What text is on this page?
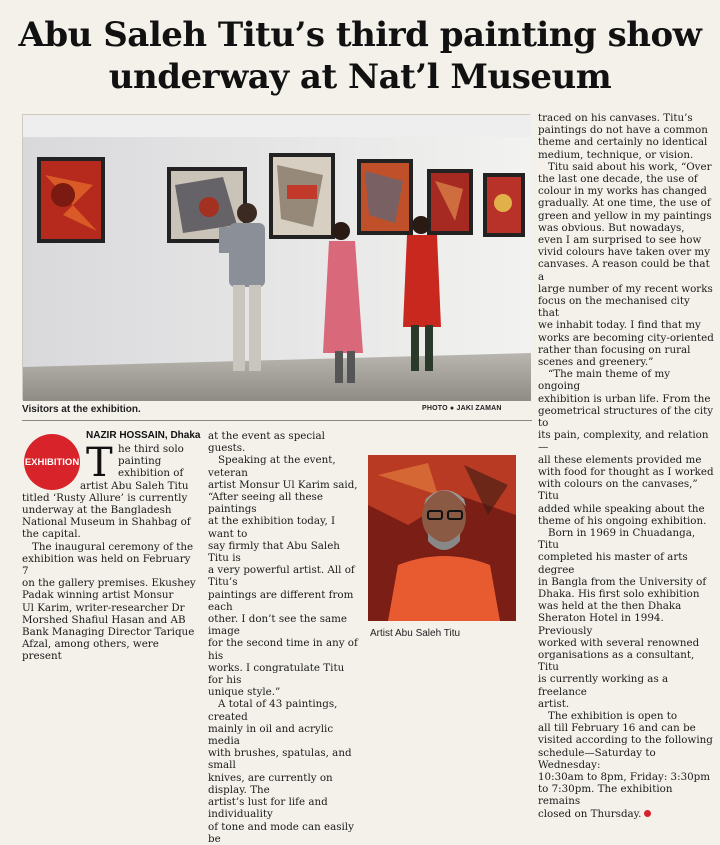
Abu Saleh Titu’s third painting show
underway at Nat’l Museum
Visitors at the exhibition.	PHOTO ● JAKI ZAMAN
traced on his canvases. Titu’s
paintings do not have a common
theme and certainly no identical
medium, technique, or vision.
Titu said about his work, “Over
the last one decade, the use of
colour in my works has changed
gradually. At one time, the use of
green and yellow in my paintings
was obvious. But nowadays,
even I am surprised to see how
vivid colours have taken over my
canvases. A reason could be that a
large number of my recent works
focus on the mechanised city that
we inhabit today. I find that my
works are becoming city-oriented
rather than focusing on rural
scenes and greenery.”
“The main theme of my ongoing
exhibition is urban life. From the
geometrical structures of the city to
its pain, complexity, and relation—
all these elements provided me
with food for thought as I worked
with colours on the canvases,” Titu
added while speaking about the
theme of his ongoing exhibition.
Born in 1969 in Chuadanga, Titu
completed his master of arts degree
in Bangla from the University of
Dhaka. His first solo exhibition
was held at the then Dhaka
Sheraton Hotel in 1994. Previously
worked with several renowned
organisations as a consultant, Titu
is currently working as a freelance
artist.
The exhibition is open to
all till February 16 and can be
visited according to the following
schedule—Saturday to Wednesday:
10:30am to 8pm, Friday: 3:30pm
to 7:30pm. The exhibition remains
closed on Thursday.
EXHIBITION
NAZIR HOSSAIN, Dhaka
T he third solo
painting
exhibition of
artist Abu Saleh Titu
titled ‘Rusty Allure’ is currently
underway at the Bangladesh
National Museum in Shahbag of
the capital.
The inaugural ceremony of the
exhibition was held on February 7
on the gallery premises. Ekushey
Padak winning artist Monsur
Ul Karim, writer-researcher Dr
Morshed Shafiul Hasan and AB
Bank Managing Director Tarique
Afzal, among others, were present
at the event as special guests.
Speaking at the event, veteran
artist Monsur Ul Karim said,
“After seeing all these paintings
at the exhibition today, I want to
say firmly that Abu Saleh Titu is
a very powerful artist. All of Titu’s
paintings are different from each
other. I don’t see the same image
for the second time in any of his
works. I congratulate Titu for his
unique style.”
A total of 43 paintings, created
mainly in oil and acrylic media
with brushes, spatulas, and small
knives, are currently on display. The
artist’s lust for life and individuality
of tone and mode can easily be
Artist Abu Saleh Titu
